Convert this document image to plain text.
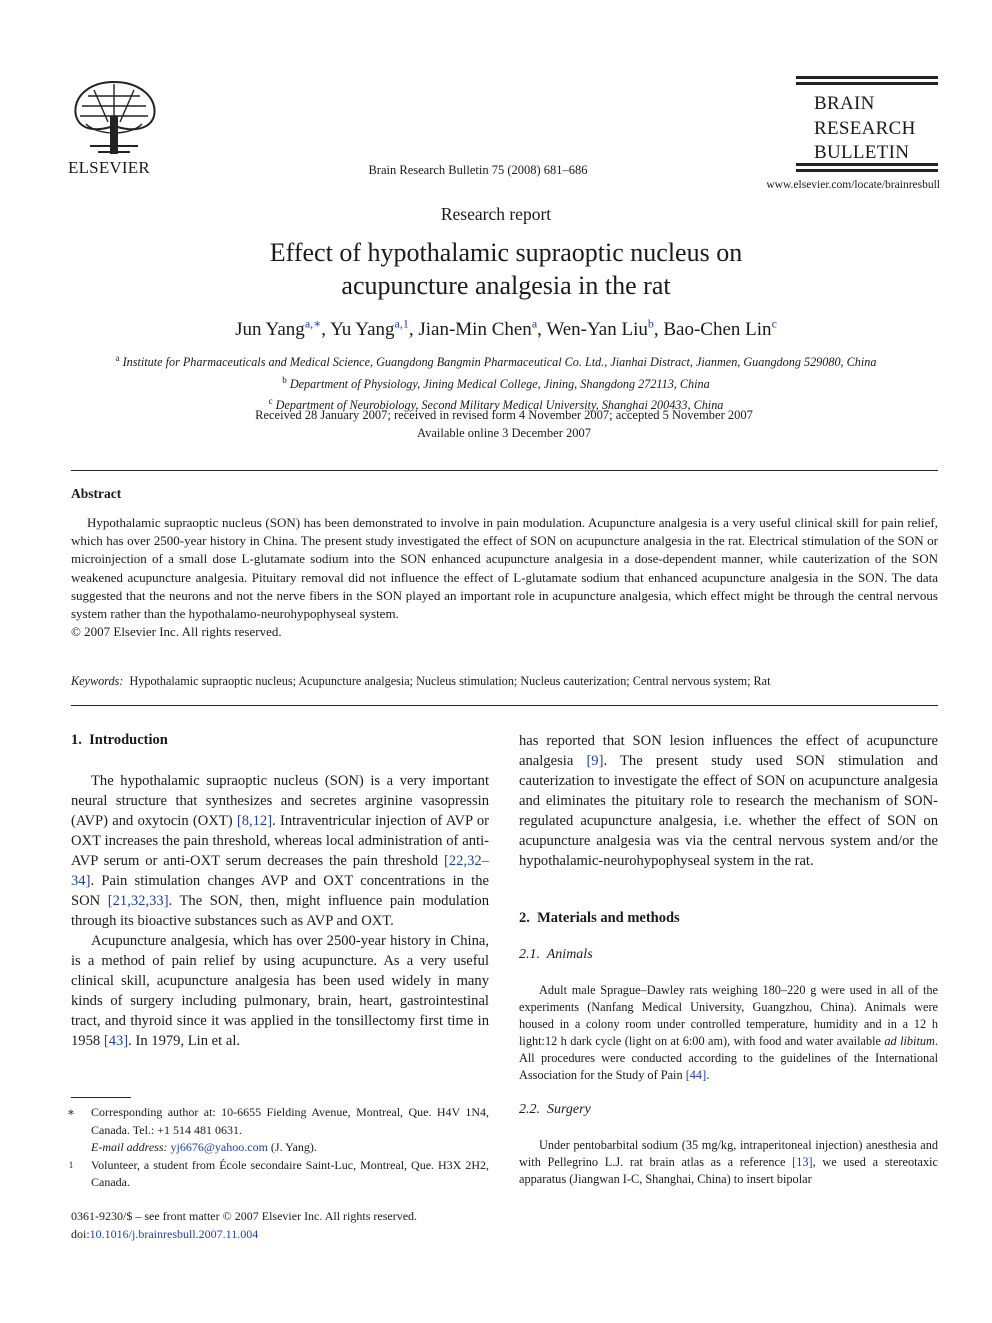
ELSEVIER	Brain Research Bulletin 75 (2008) 681–686
BRAIN
RESEARCH
BULLETIN
www.elsevier.com/locate/brainresbull
Research report
Effect of hypothalamic supraoptic nucleus on
acupuncture analgesia in the rat
Jun Yang$^{a,∗}$, Yu Yang$^{a,1}$, Jian-Min Chen$^a$, Wen-Yan Liu$^b$, Bao-Chen Lin$^c$
$^a$ Institute for Pharmaceuticals and Medical Science, Guangdong Bangmin Pharmaceutical Co. Ltd., Jianhai Distract, Jianmen, Guangdong 529080, China
$^b$ Department of Physiology, Jining Medical College, Jining, Shangdong 272113, China
$^c$ Department of Neurobiology, Second Military Medical University, Shanghai 200433, China
Received 28 January 2007; received in revised form 4 November 2007; accepted 5 November 2007
Available online 3 December 2007
Abstract

Hypothalamic supraoptic nucleus (SON) has been demonstrated to involve in pain modulation. Acupuncture analgesia is a very useful clinical skill for pain relief, which has over 2500-year history in China. The present study investigated the effect of SON on acupuncture analgesia in the rat. Electrical stimulation of the SON or microinjection of a small dose L-glutamate sodium into the SON enhanced acupuncture analgesia in a dose-dependent manner, while cauterization of the SON weakened acupuncture analgesia. Pituitary removal did not influence the effect of L-glutamate sodium that enhanced acupuncture analgesia in the SON. The data suggested that the neurons and not the nerve fibers in the SON played an important role in acupuncture analgesia, which effect might be through the central nervous system rather than the hypothalamo-neurohypophyseal system.

© 2007 Elsevier Inc. All rights reserved.

Keywords: Hypothalamic supraoptic nucleus; Acupuncture analgesia; Nucleus stimulation; Nucleus cauterization; Central nervous system; Rat
1.  Introduction

The hypothalamic supraoptic nucleus (SON) is a very important neural structure that synthesizes and secretes arginine vasopressin (AVP) and oxytocin (OXT) [8,12]. Intraventricular injection of AVP or OXT increases the pain threshold, whereas local administration of anti-AVP serum or anti-OXT serum decreases the pain threshold [22,32–34]. Pain stimulation changes AVP and OXT concentrations in the SON [21,32,33]. The SON, then, might influence pain modulation through its bioactive substances such as AVP and OXT.

Acupuncture analgesia, which has over 2500-year history in China, is a method of pain relief by using acupuncture. As a very useful clinical skill, acupuncture analgesia has been used widely in many kinds of surgery including pulmonary, brain, heart, gastrointestinal tract, and thyroid since it was applied in the tonsillectomy first time in 1958 [43]. In 1979, Lin et al.

∗ Corresponding author at: 10-6655 Fielding Avenue, Montreal, Que. H4V 1N4, Canada. Tel.: +1 514 481 0631.

E-mail address: yj6676@yahoo.com (J. Yang).

1 Volunteer, a student from École secondaire Saint-Luc, Montreal, Que. H3X 2H2, Canada.

0361-9230/$ – see front matter © 2007 Elsevier Inc. All rights reserved.
doi:10.1016/j.brainresbull.2007.11.004

has reported that SON lesion influences the effect of acupuncture analgesia [9]. The present study used SON stimulation and cauterization to investigate the effect of SON on acupuncture analgesia and eliminates the pituitary role to research the mechanism of SON-regulated acupuncture analgesia, i.e. whether the effect of SON on acupuncture analgesia was via the central nervous system and/or the hypothalamic-neurohypophyseal system in the rat.

2.  Materials and methods
2.1.  Animals

Adult male Sprague–Dawley rats weighing 180–220 g were used in all of the experiments (Nanfang Medical University, Guangzhou, China). Animals were housed in a colony room under controlled temperature, humidity and in a 12 h light:12 h dark cycle (light on at 6:00 am), with food and water available ad libitum. All procedures were conducted according to the guidelines of the International Association for the Study of Pain [44].

2.2.  Surgery

Under pentobarbital sodium (35 mg/kg, intraperitoneal injection) anesthesia and with Pellegrino L.J. rat brain atlas as a reference [13], we used a stereotaxic apparatus (Jiangwan I-C, Shanghai, China) to insert bipolar
